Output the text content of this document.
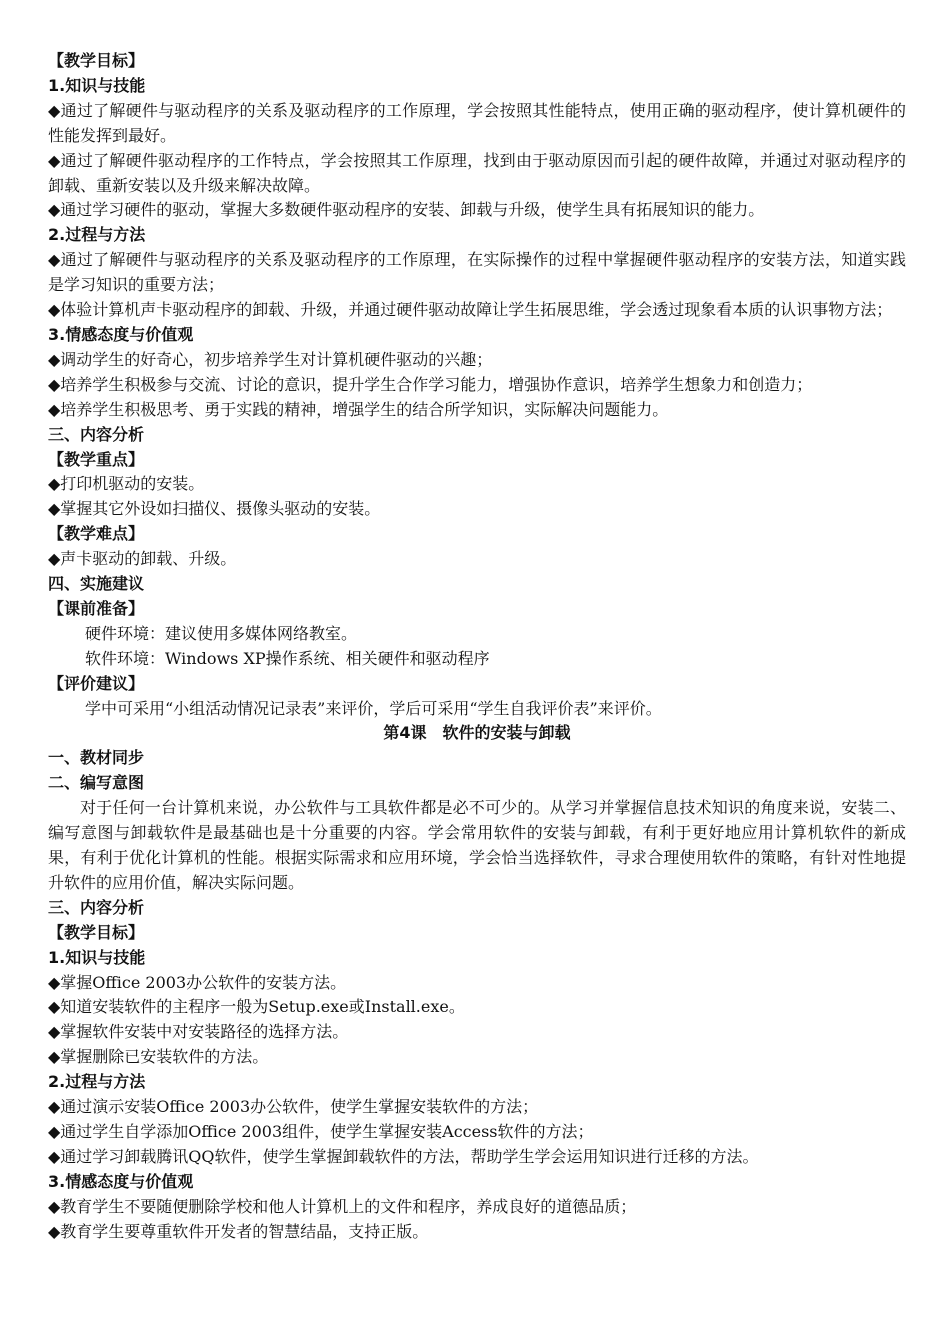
【教学目标】

1.知识与技能

◆通过了解硬件与驱动程序的关系及驱动程序的工作原理，学会按照其性能特点，使用正确的驱动程序，使计算机硬件的性能发挥到最好。

◆通过了解硬件驱动程序的工作特点，学会按照其工作原理，找到由于驱动原因而引起的硬件故障，并通过对驱动程序的卸载、重新安装以及升级来解决故障。

◆通过学习硬件的驱动，掌握大多数硬件驱动程序的安装、卸载与升级，使学生具有拓展知识的能力。

2.过程与方法

◆通过了解硬件与驱动程序的关系及驱动程序的工作原理，在实际操作的过程中掌握硬件驱动程序的安装方法，知道实践是学习知识的重要方法；

◆体验计算机声卡驱动程序的卸载、升级，并通过硬件驱动故障让学生拓展思维，学会透过现象看本质的认识事物方法；

3.情感态度与价值观

◆调动学生的好奇心，初步培养学生对计算机硬件驱动的兴趣；

◆培养学生积极参与交流、讨论的意识，提升学生合作学习能力，增强协作意识，培养学生想象力和创造力；

◆培养学生积极思考、勇于实践的精神，增强学生的结合所学知识，实际解决问题能力。

三、内容分析

【教学重点】

◆打印机驱动的安装。

◆掌握其它外设如扫描仪、摄像头驱动的安装。

【教学难点】

◆声卡驱动的卸载、升级。

四、实施建议

【课前准备】

硬件环境：建议使用多媒体网络教室。

软件环境：Windows XP操作系统、相关硬件和驱动程序

【评价建议】

学中可采用“小组活动情况记录表”来评价，学后可采用“学生自我评价表”来评价。

第4课　软件的安装与卸载

一、教材同步

二、编写意图

对于任何一台计算机来说，办公软件与工具软件都是必不可少的。从学习并掌握信息技术知识的角度来说，安装二、编写意图与卸载软件是最基础也是十分重要的内容。学会常用软件的安装与卸载，有利于更好地应用计算机软件的新成果，有利于优化计算机的性能。根据实际需求和应用环境，学会恰当选择软件，寻求合理使用软件的策略，有针对性地提升软件的应用价值，解决实际问题。

三、内容分析

【教学目标】

1.知识与技能

◆掌握Office 2003办公软件的安装方法。

◆知道安装软件的主程序一般为Setup.exe或Install.exe。

◆掌握软件安装中对安装路径的选择方法。

◆掌握删除已安装软件的方法。

2.过程与方法

◆通过演示安装Office 2003办公软件，使学生掌握安装软件的方法；

◆通过学生自学添加Office 2003组件，使学生掌握安装Access软件的方法；

◆通过学习卸载腾讯QQ软件，使学生掌握卸载软件的方法，帮助学生学会运用知识进行迁移的方法。

3.情感态度与价值观

◆教育学生不要随便删除学校和他人计算机上的文件和程序，养成良好的道德品质；

◆教育学生要尊重软件开发者的智慧结晶，支持正版。
